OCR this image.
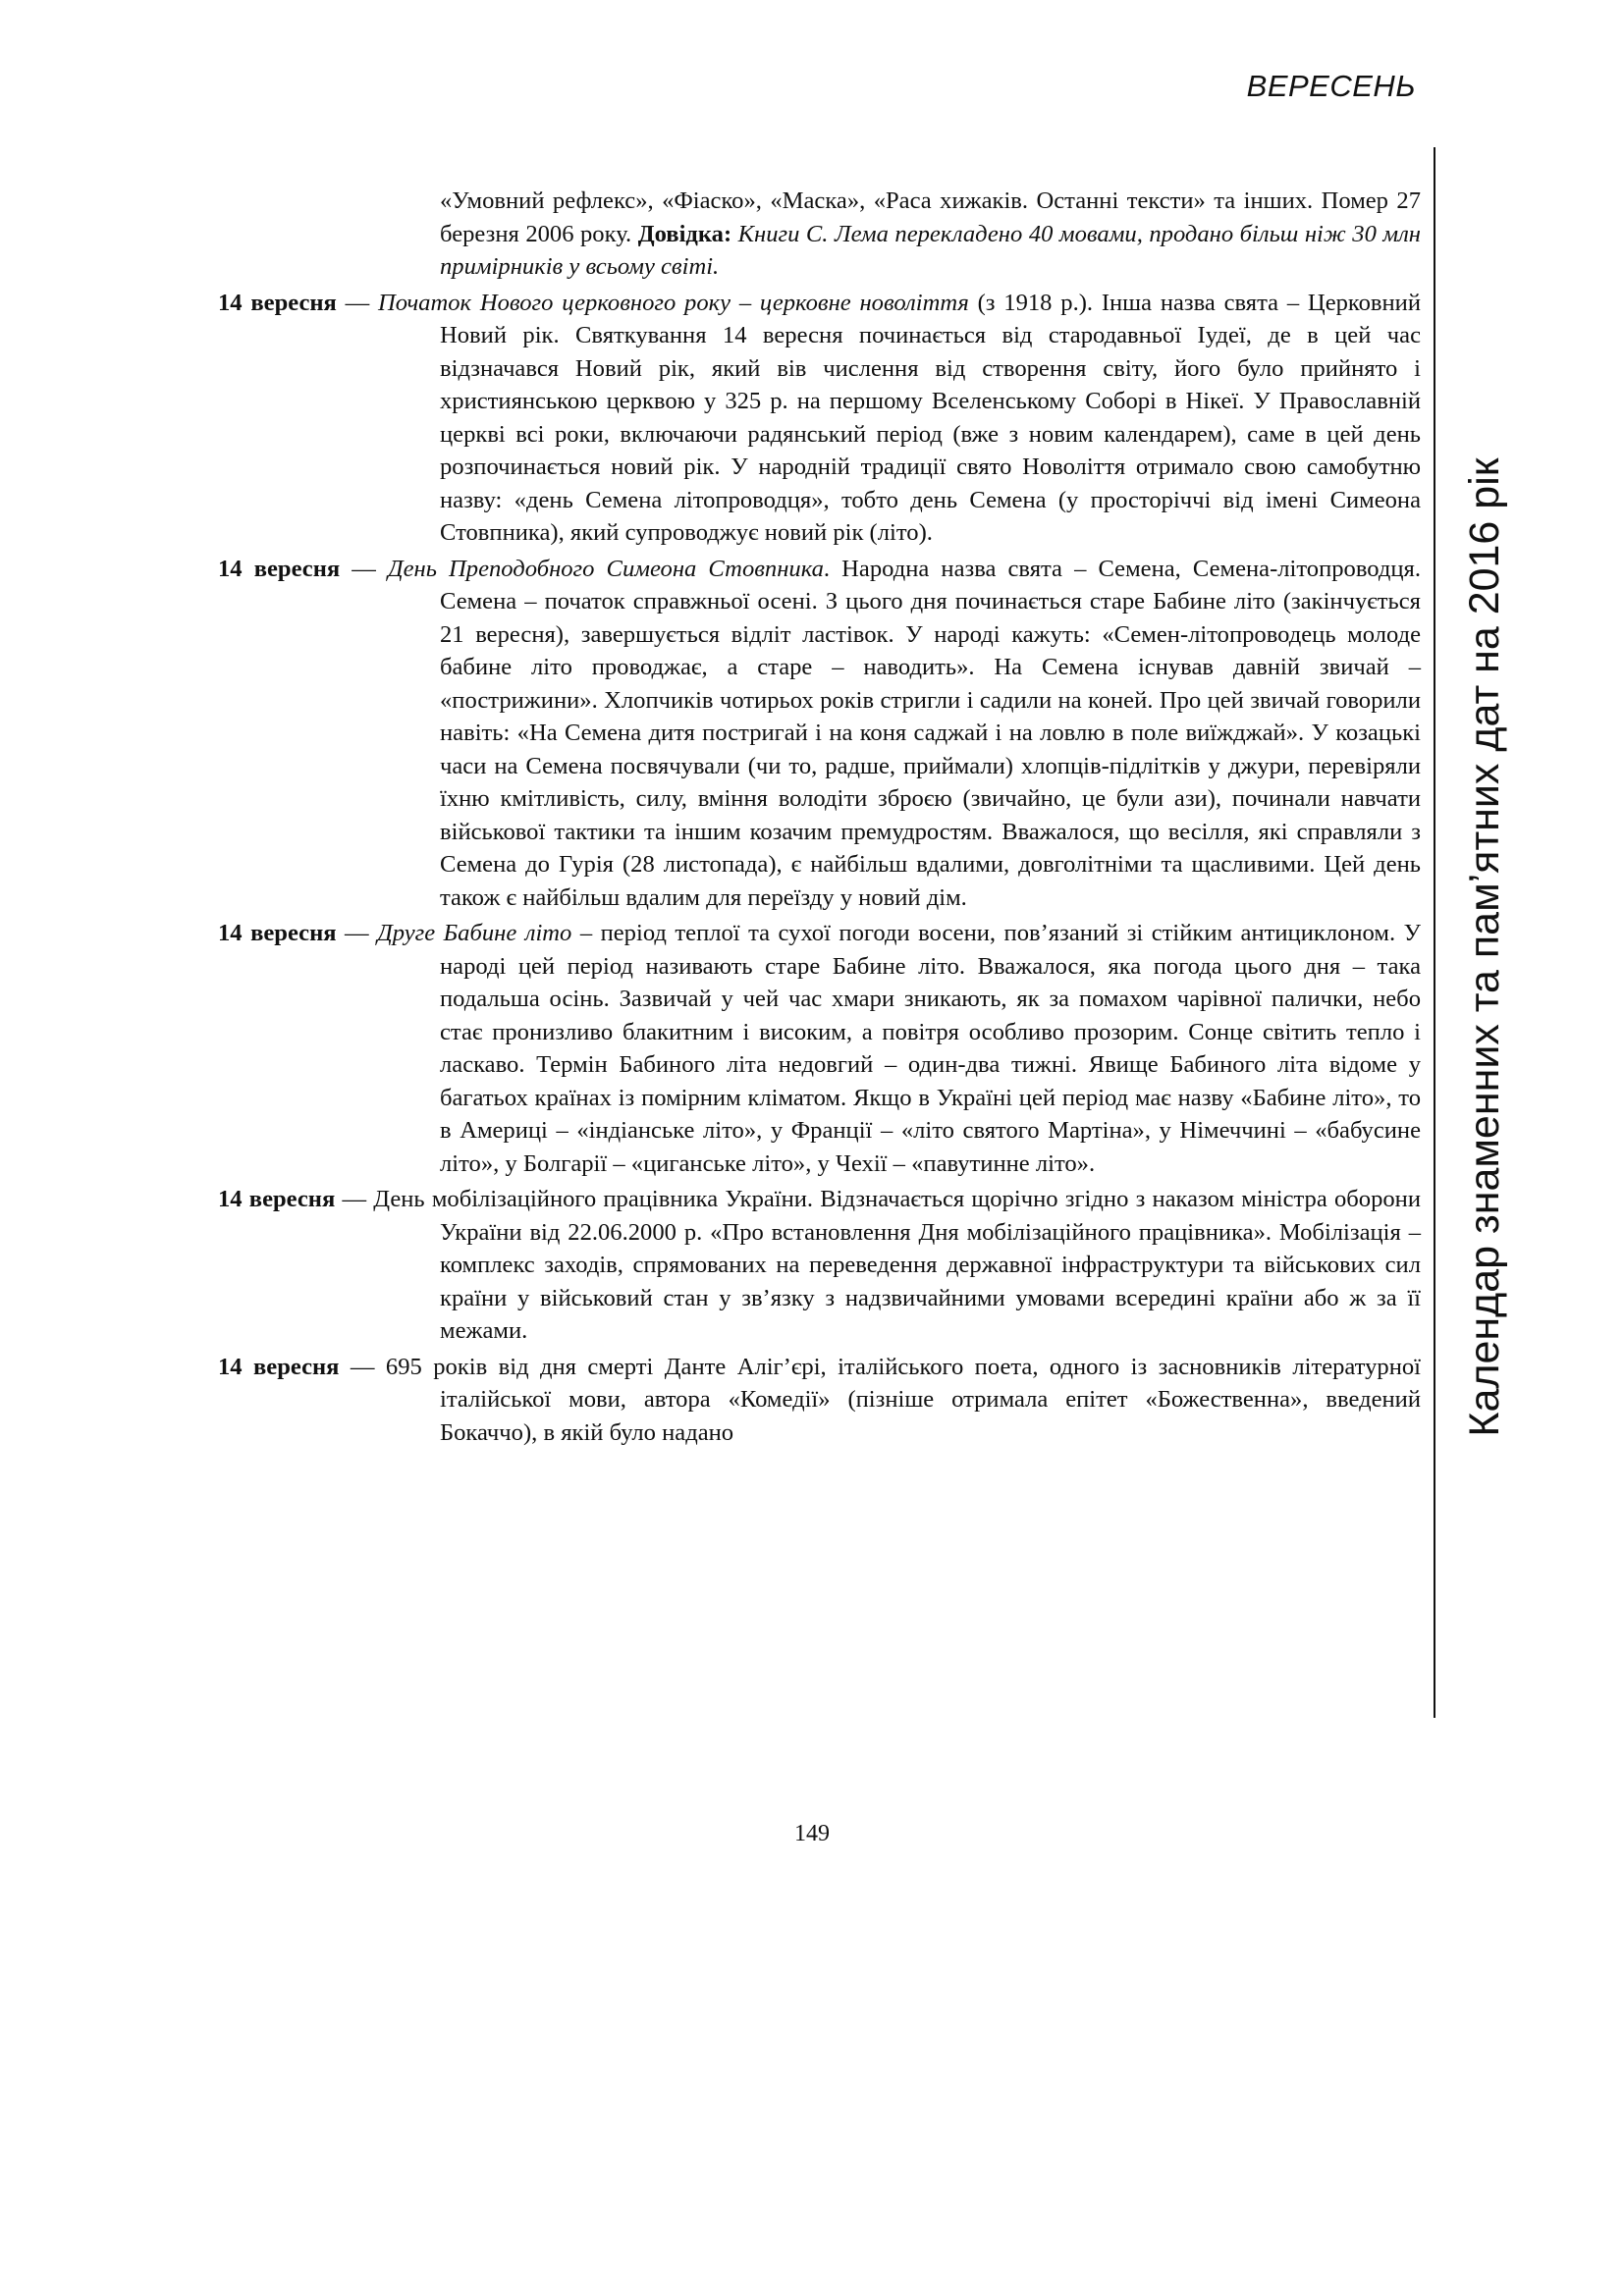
ВЕРЕСЕНЬ
Календар знаменних та пам’ятних дат на 2016 рік

«Умовний рефлекс», «Фіаско», «Маска», «Раса хижаків. Останні тексти» та інших. Помер 27 березня 2006 року. Довідка: Книги С. Лема перекладено 40 мовами, продано більш ніж 30 млн примірників у всьому світі.

14 вересня — Початок Нового церковного року – церковне новоліття (з 1918 р.). Інша назва свята – Церковний Новий рік. Святкування 14 вересня починається від стародавньої Іудеї, де в цей час відзначався Новий рік, який вів числення від створення світу, його було прийнято і християнською церквою у 325 р. на першому Вселенському Соборі в Нікеї. У Православній церкві всі роки, включаючи радянський період (вже з новим календарем), саме в цей день розпочинається новий рік. У народній традиції свято Новоліття отримало свою самобутню назву: «день Семена літопроводця», тобто день Семена (у просторіччі від імені Симеона Стовпника), який супроводжує новий рік (літо).

14 вересня — День Преподобного Симеона Стовпника. Народна назва свята – Семена, Семена-літопроводця. Семена – початок справжньої осені. З цього дня починається старе Бабине літо (закінчується 21 вересня), завершується відліт ластівок. У народі кажуть: «Семен-літопроводець молоде бабине літо проводжає, а старе – наводить». На Семена існував давній звичай – «пострижини». Хлопчиків чотирьох років стригли і садили на коней. Про цей звичай говорили навіть: «На Семена дитя постригай і на коня саджай і на ловлю в поле виїжджай». У козацькі часи на Семена посвячували (чи то, радше, приймали) хлопців-підлітків у джури, перевіряли їхню кмітливість, силу, вміння володіти зброєю (звичайно, це були ази), починали навчати військової тактики та іншим козачим премудростям. Вважалося, що весілля, які справляли з Семена до Гурія (28 листопада), є найбільш вдалими, довголітніми та щасливими. Цей день також є найбільш вдалим для переїзду у новий дім.

14 вересня — Друге Бабине літо – період теплої та сухої погоди восени, пов’язаний зі стійким антициклоном. У народі цей період називають старе Бабине літо. Вважалося, яка погода цього дня – така подальша осінь. Зазвичай у чей час хмари зникають, як за помахом чарівної палички, небо стає пронизливо блакитним і високим, а повітря особливо прозорим. Сонце світить тепло і ласкаво. Термін Бабиного літа недовгий – один-два тижні. Явище Бабиного літа відоме у багатьох країнах із помірним кліматом. Якщо в Україні цей період має назву «Бабине літо», то в Америці – «індіанське літо», у Франції – «літо святого Мартіна», у Німеччині – «бабусине літо», у Болгарії – «циганське літо», у Чехії – «павутинне літо».

14 вересня — День мобілізаційного працівника України. Відзначається щорічно згідно з наказом міністра оборони України від 22.06.2000 р. «Про встановлення Дня мобілізаційного працівника». Мобілізація – комплекс заходів, спрямованих на переведення державної інфраструктури та військових сил країни у військовий стан у зв’язку з надзвичайними умовами всередині країни або ж за її межами.

14 вересня — 695 років від дня смерті Данте Аліг’єрі, італійського поета, одного із засновників літературної італійської мови, автора «Комедії» (пізніше отримала епітет «Божественна», введений Бокаччо), в якій було надано

149
